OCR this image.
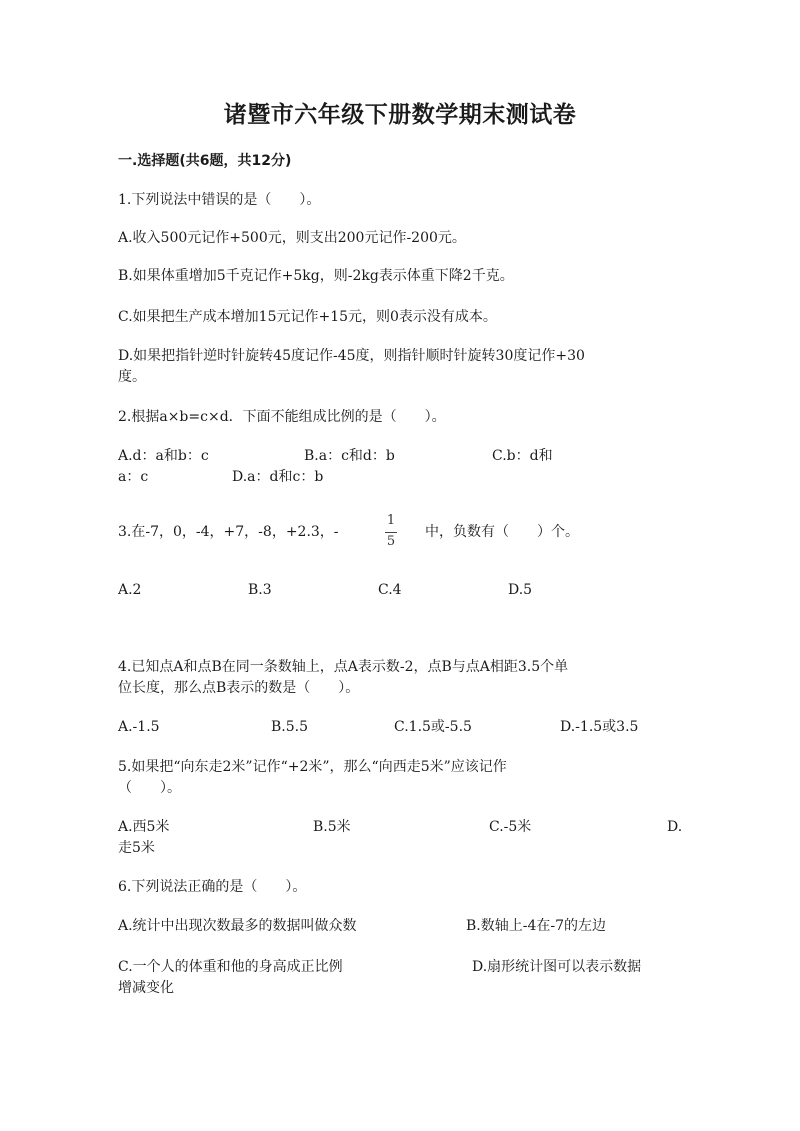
诸暨市六年级下册数学期末测试卷
一.选择题(共6题，共12分)
1.下列说法中错误的是（　　）。
A.收入500元记作+500元，则支出200元记作-200元。
B.如果体重增加5千克记作+5kg，则-2kg表示体重下降2千克。
C.如果把生产成本增加15元记作+15元，则0表示没有成本。
D.如果把指针逆时针旋转45度记作-45度，则指针顺时针旋转30度记作+30
度。
2.根据a×b=c×d．下面不能组成比例的是（　　）。
A.d：a和b：c	B.a：c和d：b	C.b：d和
a：c	D.a：d和c：b
3.在-7，0，-4，+7，-8，+2.3，-
1
5
中，负数有（　　）个。
A.2	B.3	C.4	D.5
4.已知点A和点B在同一条数轴上，点A表示数-2，点B与点A相距3.5个单
位长度，那么点B表示的数是（　　）。
A.-1.5	B.5.5	C.1.5或-5.5	D.-1.5或3.5
5.如果把“向东走2米”记作“+2米”，那么“向西走5米”应该记作
（　　）。
A.西5米	B.5米	C.-5米	D.
走5米
6.下列说法正确的是（　　）。
A.统计中出现次数最多的数据叫做众数	B.数轴上-4在-7的左边
C.一个人的体重和他的身高成正比例	D.扇形统计图可以表示数据
增减变化
